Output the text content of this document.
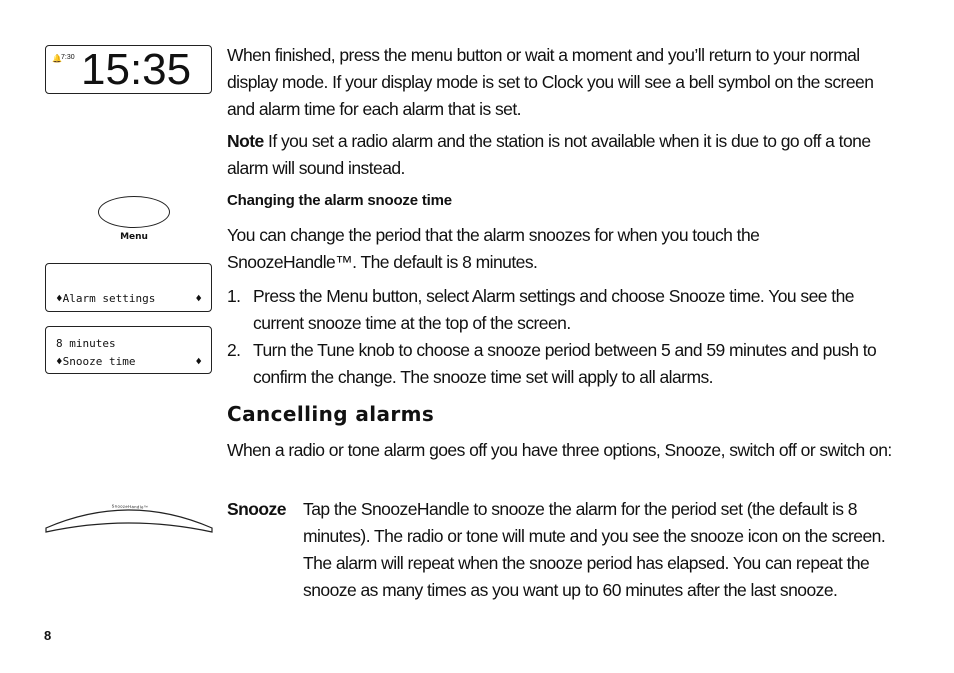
🔔 7:30 15:35
Menu
♦Alarm settings	♦
8 minutes
♦Snooze time	♦
SnoozeHandle™
8

When finished, press the menu button or wait a moment and you’ll return to your normal display mode. If your display mode is set to Clock you will see a bell symbol on the screen and alarm time for each alarm that is set.

Note If you set a radio alarm and the station is not available when it is due to go off a tone alarm will sound instead.

Changing the alarm snooze time

You can change the period that the alarm snoozes for when you touch the SnoozeHandle™. The default is 8 minutes.

1. Press the Menu button, select Alarm settings and choose Snooze time. You see the current snooze time at the top of the screen.
2. Turn the Tune knob to choose a snooze period between 5 and 59 minutes and push to confirm the change. The snooze time set will apply to all alarms.
Cancelling alarms

When a radio or tone alarm goes off you have three options, Snooze, switch off or switch on:

Snooze Tap the SnoozeHandle to snooze the alarm for the period set (the default is 8 minutes). The radio or tone will mute and you see the snooze icon on the screen. The alarm will repeat when the snooze period has elapsed. You can repeat the snooze as many times as you want up to 60 minutes after the last snooze.
